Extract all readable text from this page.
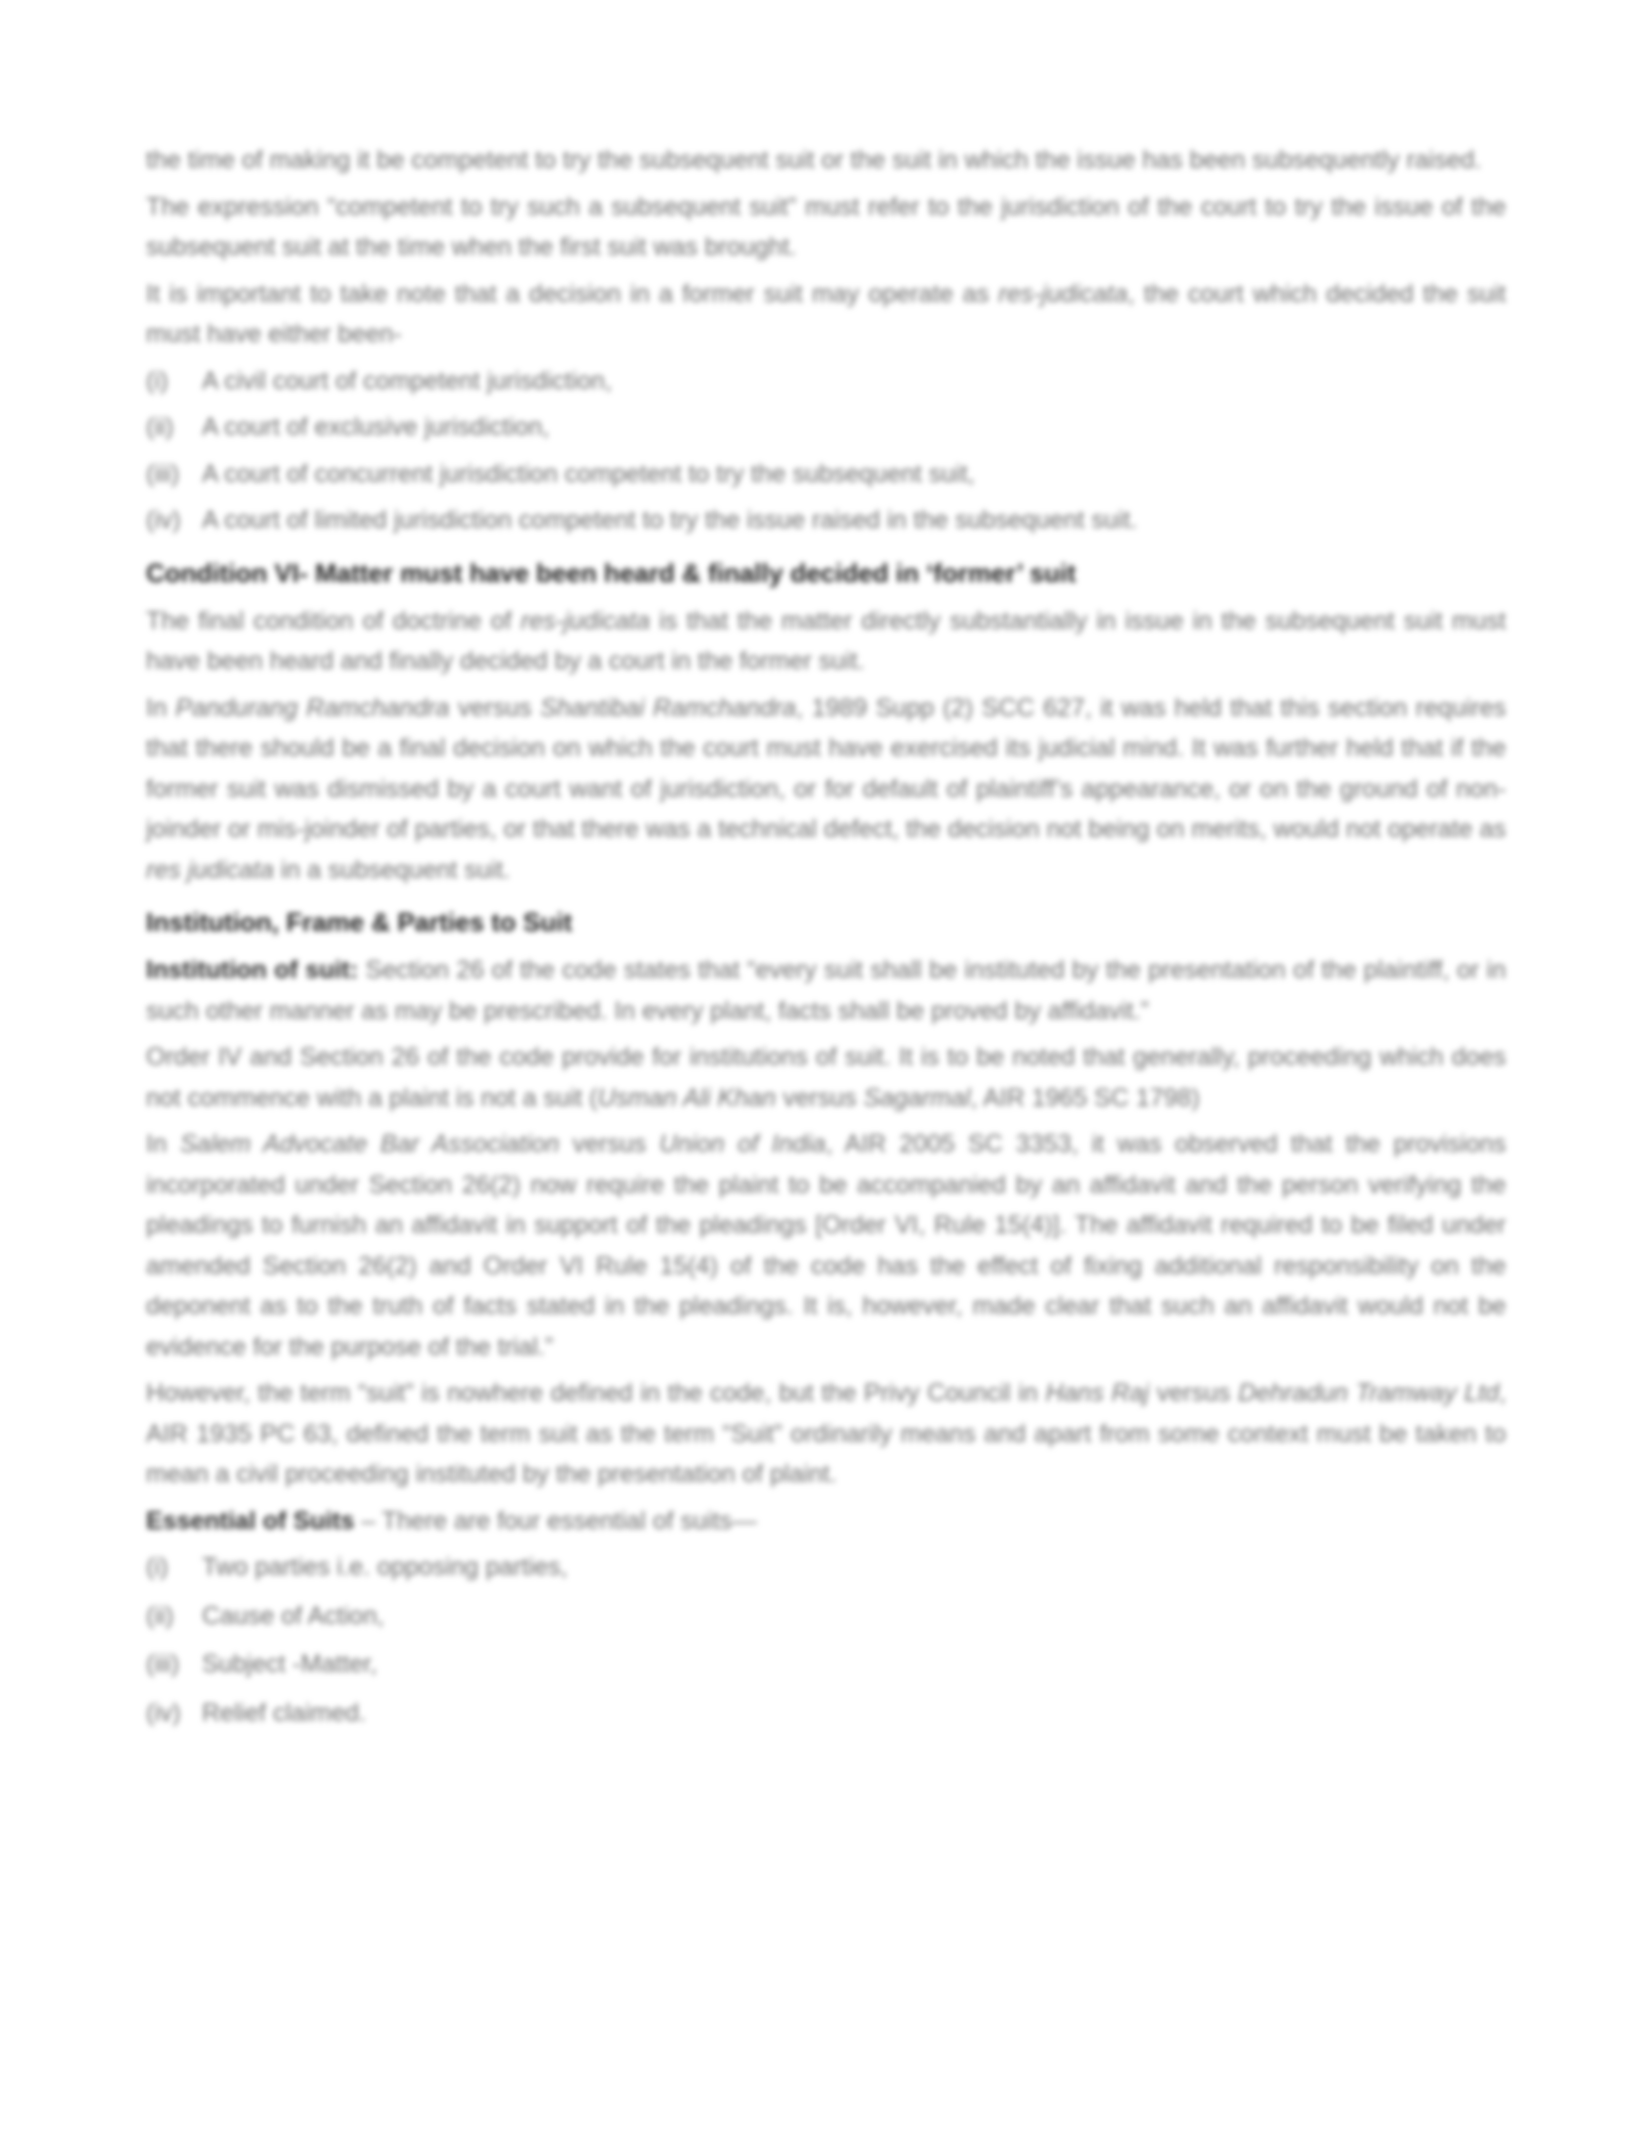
the time of making it be competent to try the subsequent suit or the suit in which the issue has been subsequently raised.

The expression “competent to try such a subsequent suit” must refer to the jurisdiction of the court to try the issue of the subsequent suit at the time when the first suit was brought.

It is important to take note that a decision in a former suit may operate as res-judicata, the court which decided the suit must have either been-

(i)	A civil court of competent jurisdiction,
(ii)	A court of exclusive jurisdiction,
(iii) A court of concurrent jurisdiction competent to try the subsequent suit,
(iv) A court of limited jurisdiction competent to try the issue raised in the subsequent suit.
Condition VI- Matter must have been heard & finally decided in ‘former’ suit

The final condition of doctrine of res-judicata is that the matter directly substantially in issue in the subsequent suit must have been heard and finally decided by a court in the former suit.

In Pandurang Ramchandra versus Shantibai Ramchandra, 1989 Supp (2) SCC 627, it was held that this section requires that there should be a final decision on which the court must have exercised its judicial mind. It was further held that if the former suit was dismissed by a court want of jurisdiction, or for default of plaintiff’s appearance, or on the ground of non-joinder or mis-joinder of parties, or that there was a technical defect, the decision not being on merits, would not operate as res judicata in a subsequent suit.

Institution, Frame & Parties to Suit

Institution of suit: Section 26 of the code states that “every suit shall be instituted by the presentation of the plaintiff, or in such other manner as may be prescribed. In every plant, facts shall be proved by affidavit.”

Order IV and Section 26 of the code provide for institutions of suit. It is to be noted that generally, proceeding which does not commence with a plaint is not a suit (Usman Ali Khan versus Sagarmal, AIR 1965 SC 1798)

In Salem Advocate Bar Association versus Union of India, AIR 2005 SC 3353, it was observed that the provisions incorporated under Section 26(2) now require the plaint to be accompanied by an affidavit and the person verifying the pleadings to furnish an affidavit in support of the pleadings [Order VI, Rule 15(4)]. The affidavit required to be filed under amended Section 26(2) and Order VI Rule 15(4) of the code has the effect of fixing additional responsibility on the deponent as to the truth of facts stated in the pleadings. It is, however, made clear that such an affidavit would not be evidence for the purpose of the trial.”

However, the term “suit” is nowhere defined in the code, but the Privy Council in Hans Raj versus Dehradun Tramway Ltd, AIR 1935 PC 63, defined the term suit as the term “Suit” ordinarily means and apart from some context must be taken to mean a civil proceeding instituted by the presentation of plaint.

Essential of Suits – There are four essential of suits—

(i)	Two parties i.e. opposing parties,
(ii)	Cause of Action,
(iii) Subject -Matter,
(iv) Relief claimed.
